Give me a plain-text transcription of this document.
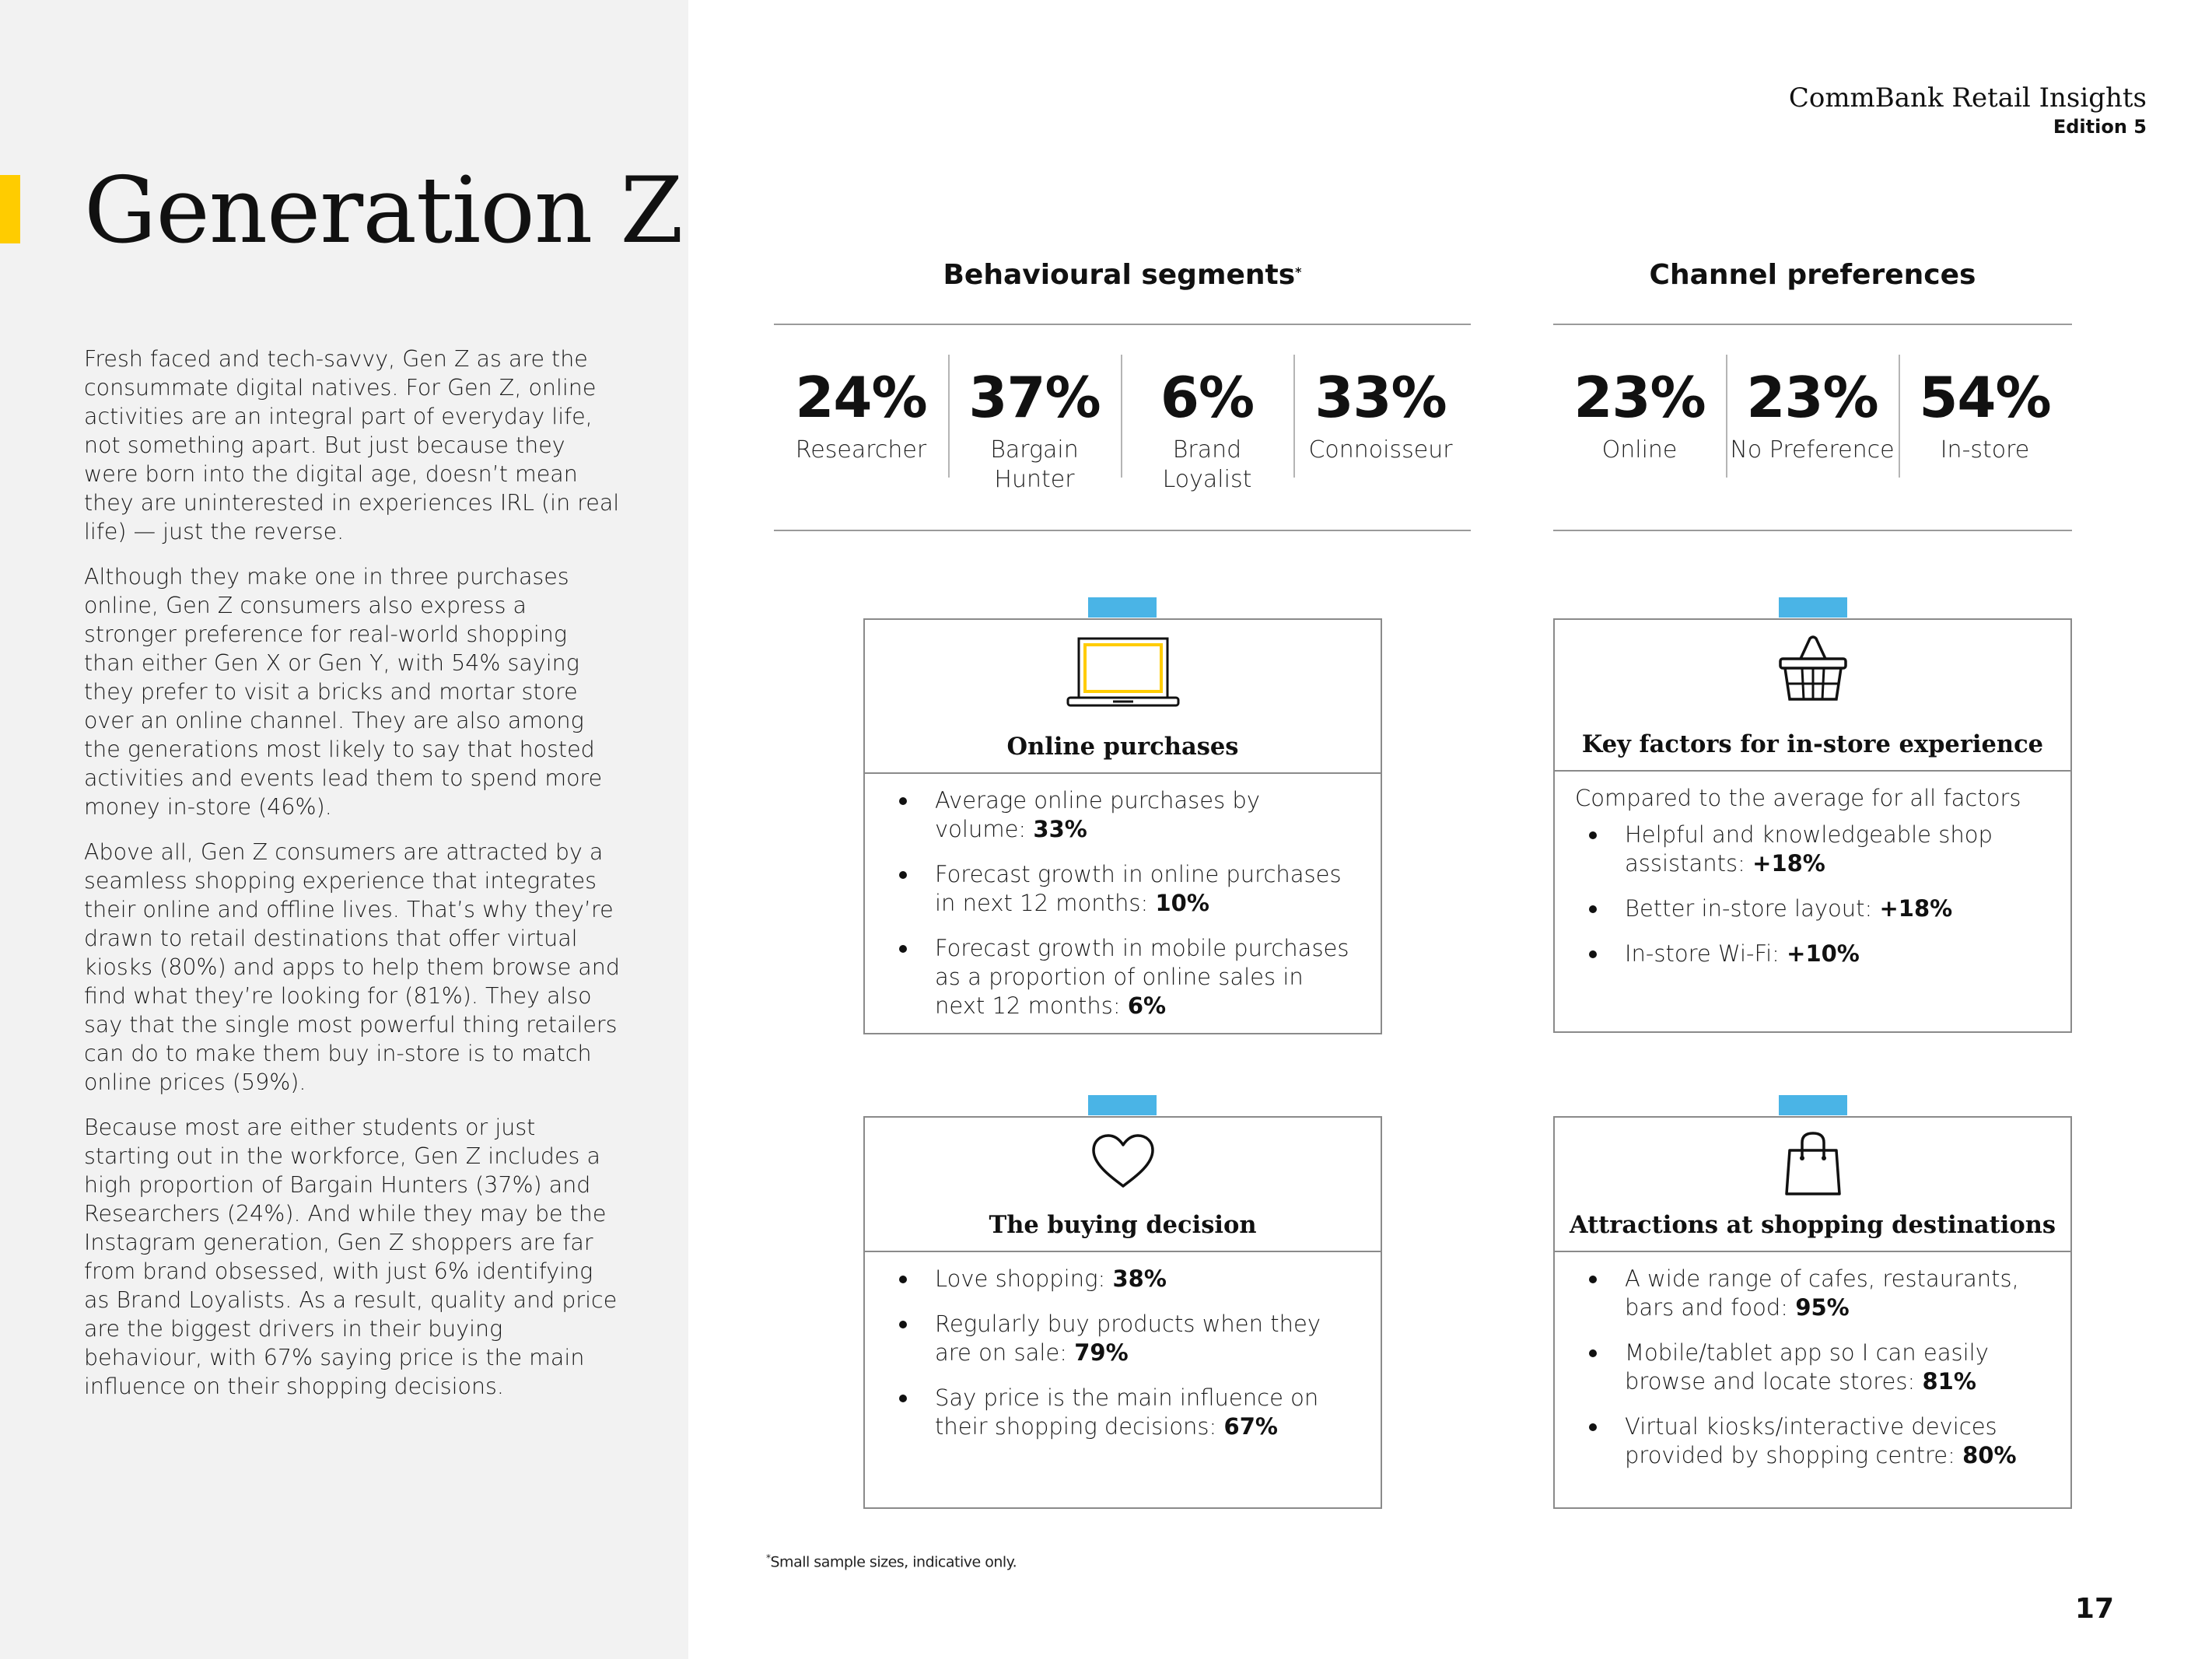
Generation Z

Fresh faced and tech-savvy, Gen Z as are the consummate digital natives. For Gen Z, online activities are an integral part of everyday life, not something apart. But just because they were born into the digital age, doesn’t mean they are uninterested in experiences IRL (in real life) — just the reverse.

Although they make one in three purchases online, Gen Z consumers also express a stronger preference for real-world shopping than either Gen X or Gen Y, with 54% saying they prefer to visit a bricks and mortar store over an online channel. They are also among the generations most likely to say that hosted activities and events lead them to spend more money in-store (46%).

Above all, Gen Z consumers are attracted by a seamless shopping experience that integrates their online and offline lives. That’s why they’re drawn to retail destinations that offer virtual kiosks (80%) and apps to help them browse and find what they’re looking for (81%). They also say that the single most powerful thing retailers can do to make them buy in-store is to match online prices (59%).

Because most are either students or just starting out in the workforce, Gen Z includes a high proportion of Bargain Hunters (37%) and Researchers (24%). And while they may be the Instagram generation, Gen Z shoppers are far from brand obsessed, with just 6% identifying as Brand Loyalists. As a result, quality and price are the biggest drivers in their buying behaviour, with 67% saying price is the main influence on their shopping decisions.

CommBank Retail Insights
Edition 5
Behavioural segments*
24%
Researcher
37%
Bargain Hunter
6%
Brand Loyalist
33%
Connoisseur
Channel preferences
23%
Online
23%
No Preference
54%
In-store
Online purchases
Average online purchases by volume: 33%
Forecast growth in online purchases in next 12 months: 10%
Forecast growth in mobile purchases as a proportion of online sales in next 12 months: 6%
Key factors for in-store experience
Compared to the average for all factors
Helpful and knowledgeable shop assistants: +18%
Better in-store layout: +18%
In-store Wi-Fi: +10%
The buying decision
Love shopping: 38%
Regularly buy products when they are on sale: 79%
Say price is the main influence on their shopping decisions: 67%
Attractions at shopping destinations
A wide range of cafes, restaurants, bars and food: 95%
Mobile/tablet app so I can easily browse and locate stores: 81%
Virtual kiosks/interactive devices provided by shopping centre: 80%
*Small sample sizes, indicative only.
17
